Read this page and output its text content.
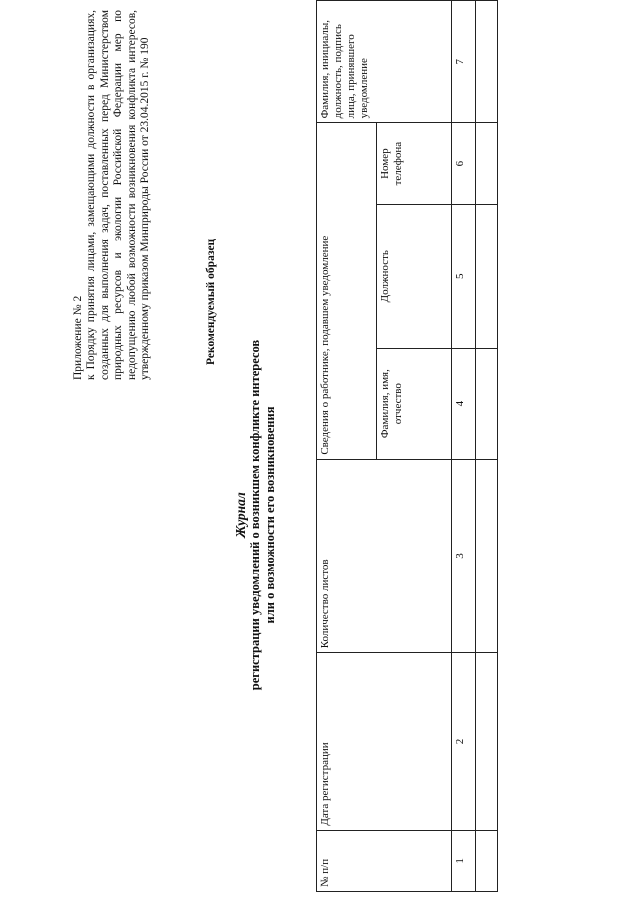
Приложение № 2 к Порядку принятия лицами, замещающими должности в организациях, созданных для выполнения задач, поставленных перед Министерством природных ресурсов и экологии Российской Федерации мер по недопущению любой возможности возникновения конфликта интересов, утвержденному приказом Минприроды России от 23.04.2015 г. № 190	Рекомендуемый образец
Журнал регистрации уведомлений о возникшем конфликте интересов или о возможности его возникновения
№ п/п	Дата регистрации	Количество листов	Сведения о работнике, подавшем уведомление			Фамилия, инициалы, должность, подпись лица, принявшего уведомление
			Фамилия, имя, отчество	Должность	Номер телефона	
1	2	3	4	5	6	7
